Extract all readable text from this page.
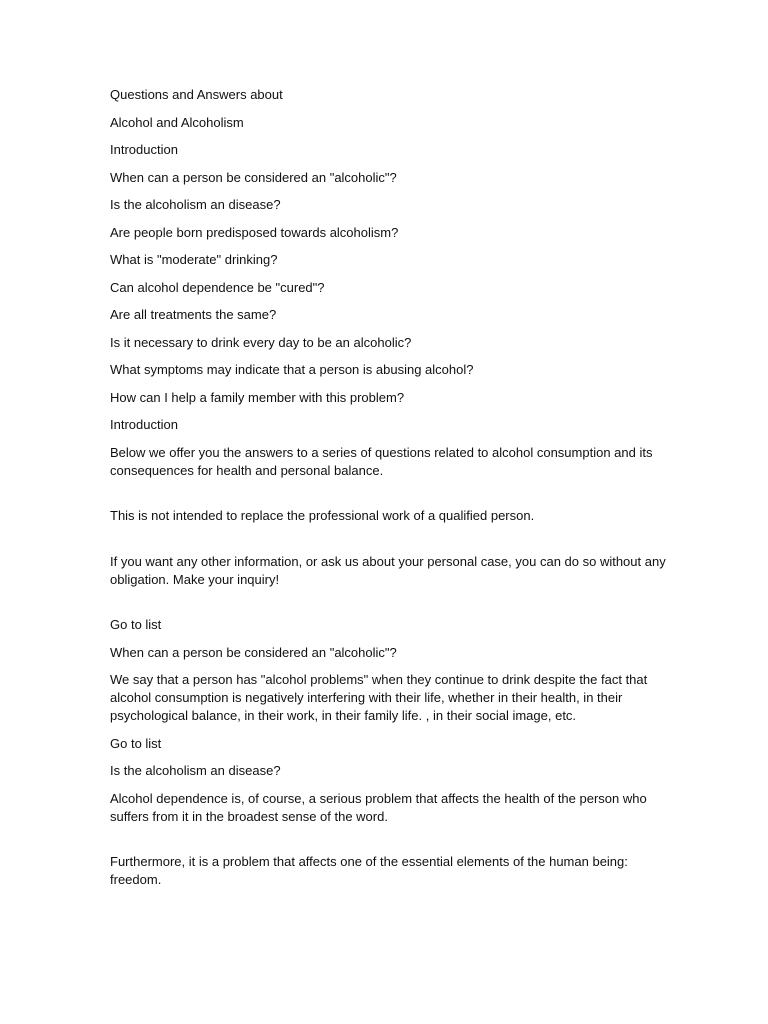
Questions and Answers about

Alcohol and Alcoholism

Introduction

When can a person be considered an "alcoholic"?

Is the alcoholism an disease?

Are people born predisposed towards alcoholism?

What is "moderate" drinking?

Can alcohol dependence be "cured"?

Are all treatments the same?

Is it necessary to drink every day to be an alcoholic?

What symptoms may indicate that a person is abusing alcohol?

How can I help a family member with this problem?

Introduction

Below we offer you the answers to a series of questions related to alcohol consumption and its consequences for health and personal balance.

This is not intended to replace the professional work of a qualified person.

If you want any other information, or ask us about your personal case, you can do so without any obligation. Make your inquiry!

Go to list

When can a person be considered an "alcoholic"?

We say that a person has "alcohol problems" when they continue to drink despite the fact that alcohol consumption is negatively interfering with their life, whether in their health, in their psychological balance, in their work, in their family life. , in their social image, etc.

Go to list

Is the alcoholism an disease?

Alcohol dependence is, of course, a serious problem that affects the health of the person who suffers from it in the broadest sense of the word.

Furthermore, it is a problem that affects one of the essential elements of the human being: freedom.
